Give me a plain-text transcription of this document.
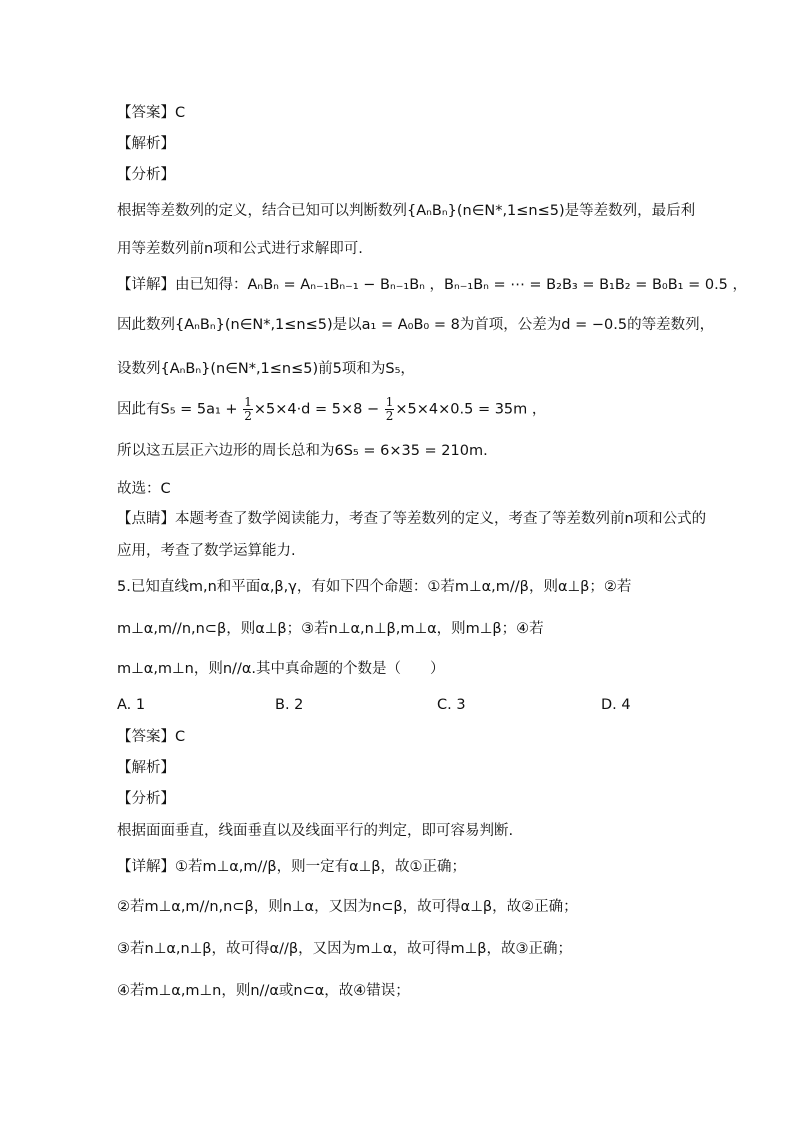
【答案】C
【解析】
【分析】
根据等差数列的定义，结合已知可以判断数列{AₙBₙ}(n∈N*,1≤n≤5)是等差数列，最后利
用等差数列前n项和公式进行求解即可.
【详解】由已知得：AₙBₙ = Aₙ₋₁Bₙ₋₁ − Bₙ₋₁Bₙ ，Bₙ₋₁Bₙ = ⋯ = B₂B₃ = B₁B₂ = B₀B₁ = 0.5 ，
因此数列{AₙBₙ}(n∈N*,1≤n≤5)是以a₁ = A₀B₀ = 8为首项，公差为d = −0.5的等差数列，
设数列{AₙBₙ}(n∈N*,1≤n≤5)前5项和为S₅，
因此有$S_5 = 5a_1 + \frac{1}{2} \times 5\times 4\cdot d = 5\times 8 - \frac{1}{2} \times 5\times 4\times 0.5 = 35m$ ，
所以这五层正六边形的周长总和为6S₅ = 6×35 = 210m.
故选：C
【点睛】本题考查了数学阅读能力，考查了等差数列的定义，考查了等差数列前n项和公式的
应用，考查了数学运算能力.
5.已知直线m,n和平面α,β,γ，有如下四个命题：①若m⊥α,m//β，则α⊥β；②若
m⊥α,m//n,n⊂β，则α⊥β；③若n⊥α,n⊥β,m⊥α，则m⊥β；④若
m⊥α,m⊥n，则n//α.其中真命题的个数是（　　）
A. 1	B. 2	C. 3	D. 4
【答案】C
【解析】
【分析】
根据面面垂直，线面垂直以及线面平行的判定，即可容易判断.
【详解】①若m⊥α,m//β，则一定有α⊥β，故①正确；
②若m⊥α,m//n,n⊂β，则n⊥α，又因为n⊂β，故可得α⊥β，故②正确；
③若n⊥α,n⊥β，故可得α//β，又因为m⊥α，故可得m⊥β，故③正确；
④若m⊥α,m⊥n，则n//α或n⊂α，故④错误；
